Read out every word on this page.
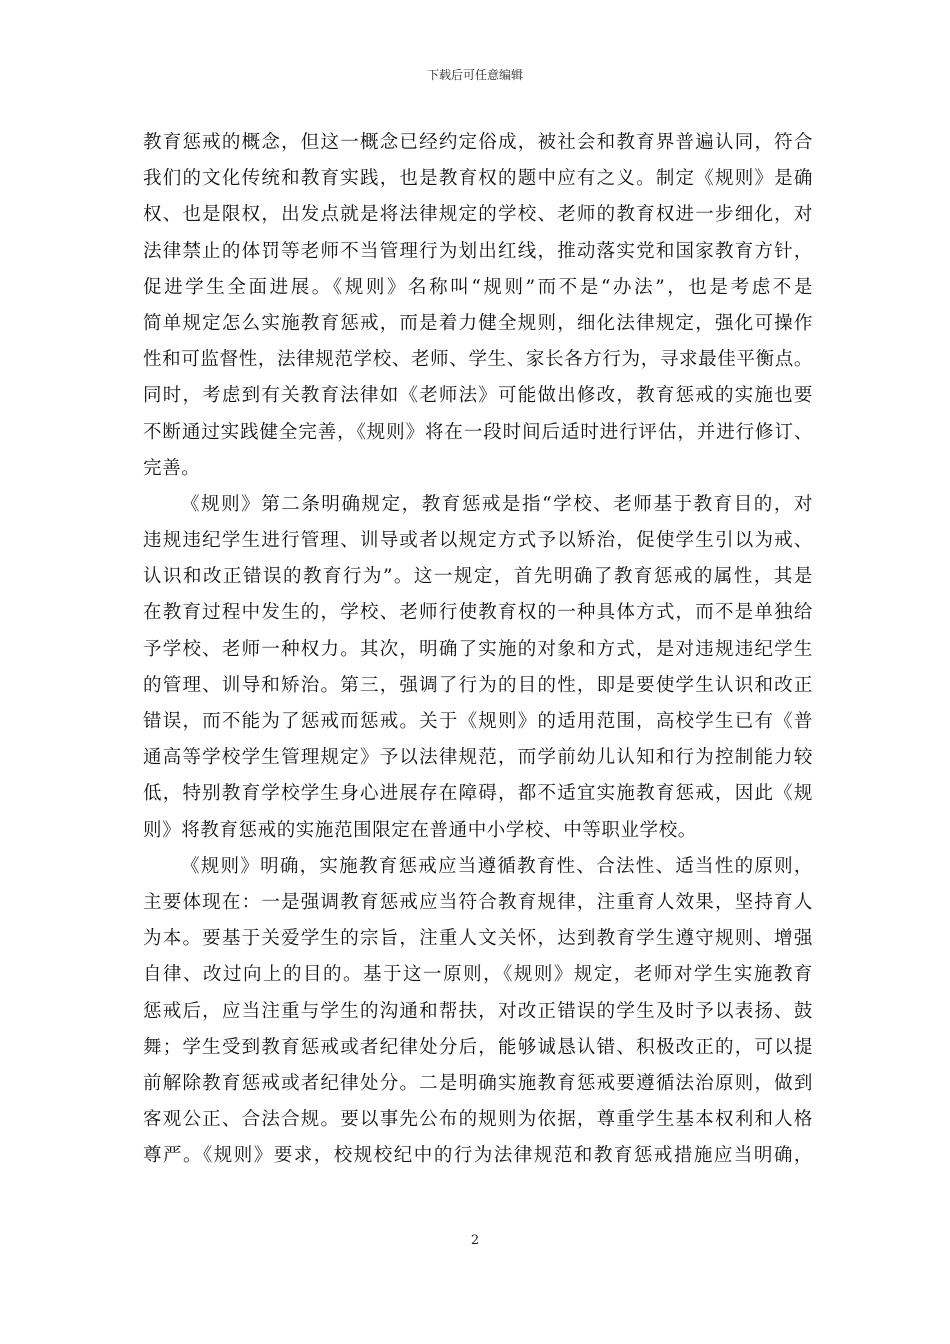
下载后可任意编辑
教育惩戒的概念，但这一概念已经约定俗成，被社会和教育界普遍认同，符合
我们的文化传统和教育实践，也是教育权的题中应有之义。制定《规则》是确
权、也是限权，出发点就是将法律规定的学校、老师的教育权进一步细化，对
法律禁止的体罚等老师不当管理行为划出红线，推动落实党和国家教育方针，
促进学生全面进展。《规则》名称叫“规则”而不是“办法”，也是考虑不是
简单规定怎么实施教育惩戒，而是着力健全规则，细化法律规定，强化可操作
性和可监督性，法律规范学校、老师、学生、家长各方行为，寻求最佳平衡点。
同时，考虑到有关教育法律如《老师法》可能做出修改，教育惩戒的实施也要
不断通过实践健全完善，《规则》将在一段时间后适时进行评估，并进行修订、
完善。
《规则》第二条明确规定，教育惩戒是指“学校、老师基于教育目的，对
违规违纪学生进行管理、训导或者以规定方式予以矫治，促使学生引以为戒、
认识和改正错误的教育行为”。这一规定，首先明确了教育惩戒的属性，其是
在教育过程中发生的，学校、老师行使教育权的一种具体方式，而不是单独给
予学校、老师一种权力。其次，明确了实施的对象和方式，是对违规违纪学生
的管理、训导和矫治。第三，强调了行为的目的性，即是要使学生认识和改正
错误，而不能为了惩戒而惩戒。关于《规则》的适用范围，高校学生已有《普
通高等学校学生管理规定》予以法律规范，而学前幼儿认知和行为控制能力较
低，特别教育学校学生身心进展存在障碍，都不适宜实施教育惩戒，因此《规
则》将教育惩戒的实施范围限定在普通中小学校、中等职业学校。
《规则》明确，实施教育惩戒应当遵循教育性、合法性、适当性的原则，
主要体现在：一是强调教育惩戒应当符合教育规律，注重育人效果，坚持育人
为本。要基于关爱学生的宗旨，注重人文关怀，达到教育学生遵守规则、增强
自律、改过向上的目的。基于这一原则，《规则》规定，老师对学生实施教育
惩戒后，应当注重与学生的沟通和帮扶，对改正错误的学生及时予以表扬、鼓
舞；学生受到教育惩戒或者纪律处分后，能够诚恳认错、积极改正的，可以提
前解除教育惩戒或者纪律处分。二是明确实施教育惩戒要遵循法治原则，做到
客观公正、合法合规。要以事先公布的规则为依据，尊重学生基本权利和人格
尊严。《规则》要求，校规校纪中的行为法律规范和教育惩戒措施应当明确，
2
